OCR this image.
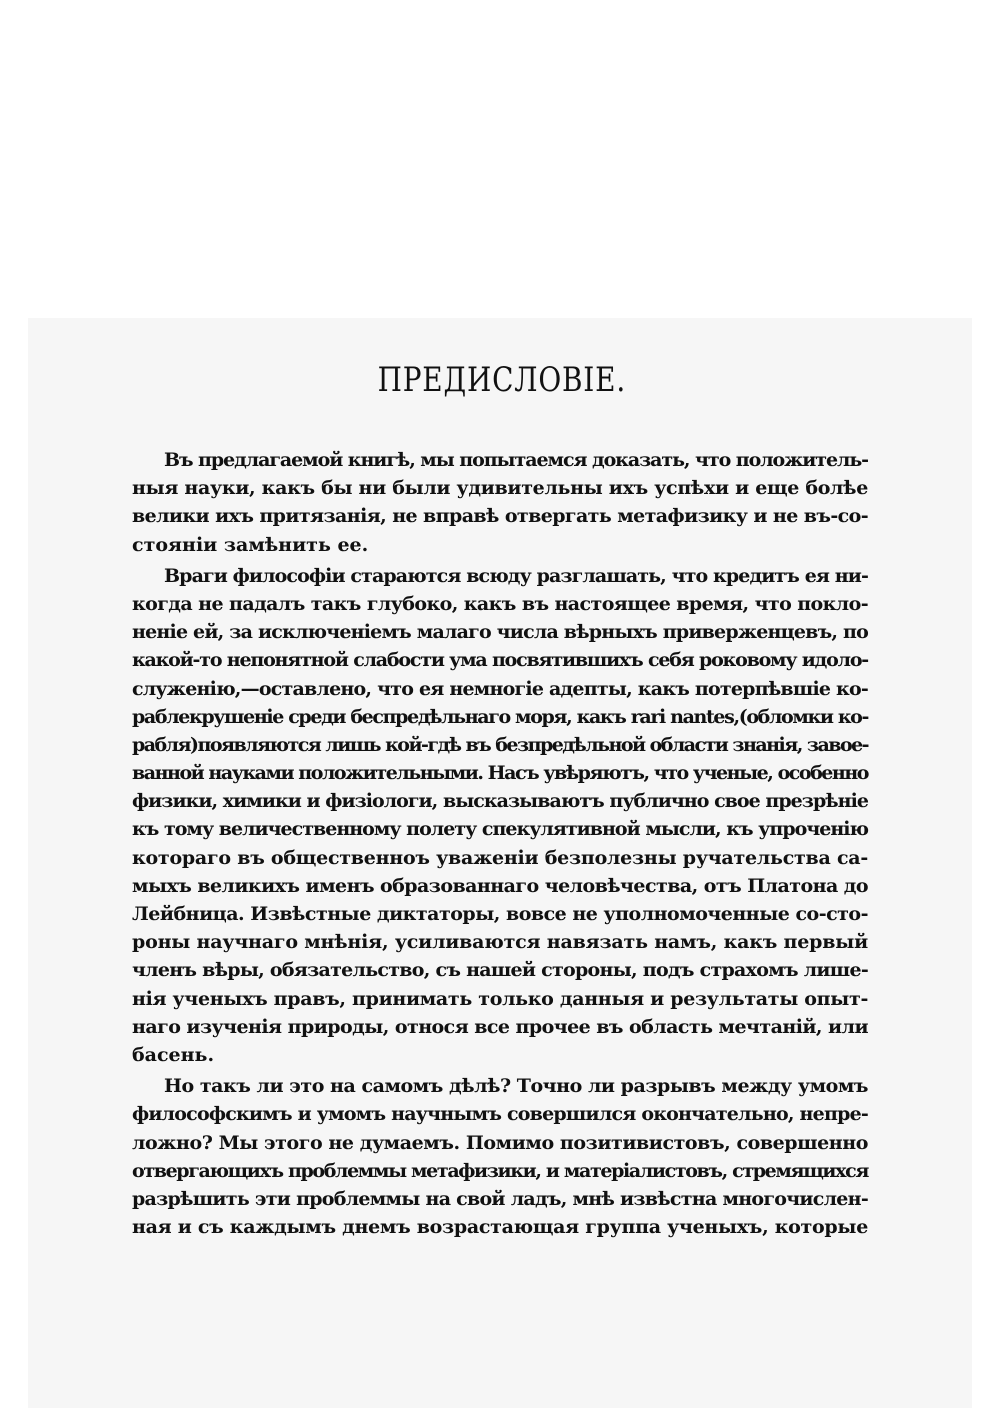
ПРЕДИСЛОВIЕ.
Въ предлагаемой книгѣ, мы попытаемся доказать, что положитель-
ныя науки, какъ бы ни были удивительны ихъ успѣхи и еще болѣе
велики ихъ притязанія, не вправѣ отвергать метафизику и не въ-со-
стояніи замѣнить ее.
Враги философіи стараются всюду разглашать, что кредитъ ея ни-
когда не падалъ такъ глубоко, какъ въ настоящее время, что покло-
неніе ей, за исключеніемъ малаго числа вѣрныхъ приверженцевъ, по
какой-то непонятной слабости ума посвятившихъ себя роковому идоло-
служенію,—оставлено, что ея немногіе адепты, какъ потерпѣвшіе ко-
раблекрушеніе среди беспредѣльнаго моря, какъ rari nantes,(обломки ко-
рабля)появляются лишь кой-гдѣ въ безпредѣльной области знанія, завое-
ванной науками положительными. Насъ увѣряютъ, что ученые, особенно
физики, химики и физіологи, высказываютъ публично свое презрѣніе
къ тому величественному полету спекулятивной мысли, къ упроченію
котораго въ общественноъ уваженіи безполезны ручательства са-
мыхъ великихъ именъ образованнаго человѣчества, отъ Платона до
Лейбница. Извѣстные диктаторы, вовсе не уполномоченные со-сто-
роны научнаго мнѣнія, усиливаются навязать намъ, какъ первый
членъ вѣры, обязательство, съ нашей стороны, подъ страхомъ лише-
нія ученыхъ правъ, принимать только данныя и результаты опыт-
наго изученія природы, относя все прочее въ область мечтаній, или
басень.
Но такъ ли это на самомъ дѣлѣ? Точно ли разрывъ между умомъ
философскимъ и умомъ научнымъ совершился окончательно, непре-
ложно? Мы этого не думаемъ. Помимо позитивистовъ, совершенно
отвергающихъ проблеммы метафизики, и матеріалистовъ, стремящихся
разрѣшить эти проблеммы на свой ладъ, мнѣ извѣстна многочислен-
ная и съ каждымъ днемъ возрастающая группа ученыхъ, которые
